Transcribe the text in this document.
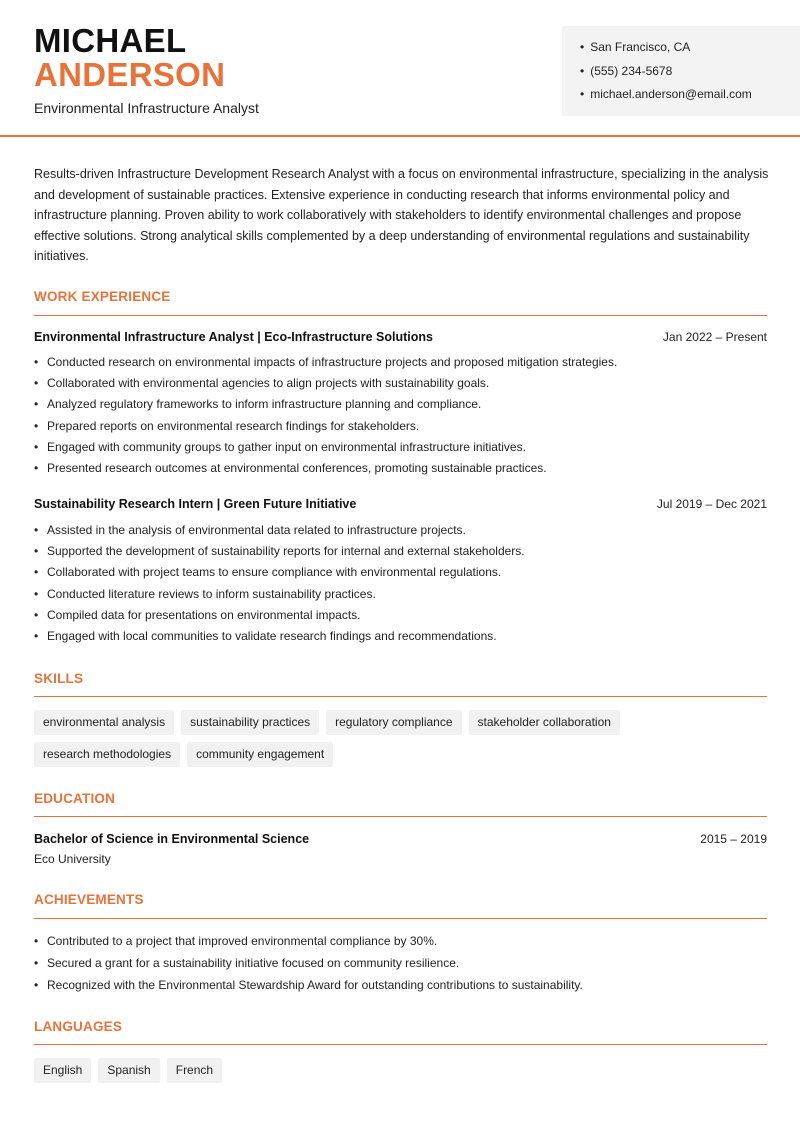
MICHAEL
ANDERSON
Environmental Infrastructure Analyst
• San Francisco, CA
• (555) 234-5678
• michael.anderson@email.com
Results-driven Infrastructure Development Research Analyst with a focus on environmental infrastructure, specializing in the analysis and development of sustainable practices. Extensive experience in conducting research that informs environmental policy and infrastructure planning. Proven ability to work collaboratively with stakeholders to identify environmental challenges and propose effective solutions. Strong analytical skills complemented by a deep understanding of environmental regulations and sustainability initiatives.
WORK EXPERIENCE
Environmental Infrastructure Analyst | Eco-Infrastructure Solutions	Jan 2022 – Present
• Conducted research on environmental impacts of infrastructure projects and proposed mitigation strategies.
• Collaborated with environmental agencies to align projects with sustainability goals.
• Analyzed regulatory frameworks to inform infrastructure planning and compliance.
• Prepared reports on environmental research findings for stakeholders.
• Engaged with community groups to gather input on environmental infrastructure initiatives.
• Presented research outcomes at environmental conferences, promoting sustainable practices.
Sustainability Research Intern | Green Future Initiative	Jul 2019 – Dec 2021
• Assisted in the analysis of environmental data related to infrastructure projects.
• Supported the development of sustainability reports for internal and external stakeholders.
• Collaborated with project teams to ensure compliance with environmental regulations.
• Conducted literature reviews to inform sustainability practices.
• Compiled data for presentations on environmental impacts.
• Engaged with local communities to validate research findings and recommendations.
SKILLS
environmental analysis	sustainability practices	regulatory compliance	stakeholder collaboration
research methodologies	community engagement
EDUCATION
Bachelor of Science in Environmental Science	2015 – 2019
Eco University
ACHIEVEMENTS
• Contributed to a project that improved environmental compliance by 30%.
• Secured a grant for a sustainability initiative focused on community resilience.
• Recognized with the Environmental Stewardship Award for outstanding contributions to sustainability.
LANGUAGES
English	Spanish	French
